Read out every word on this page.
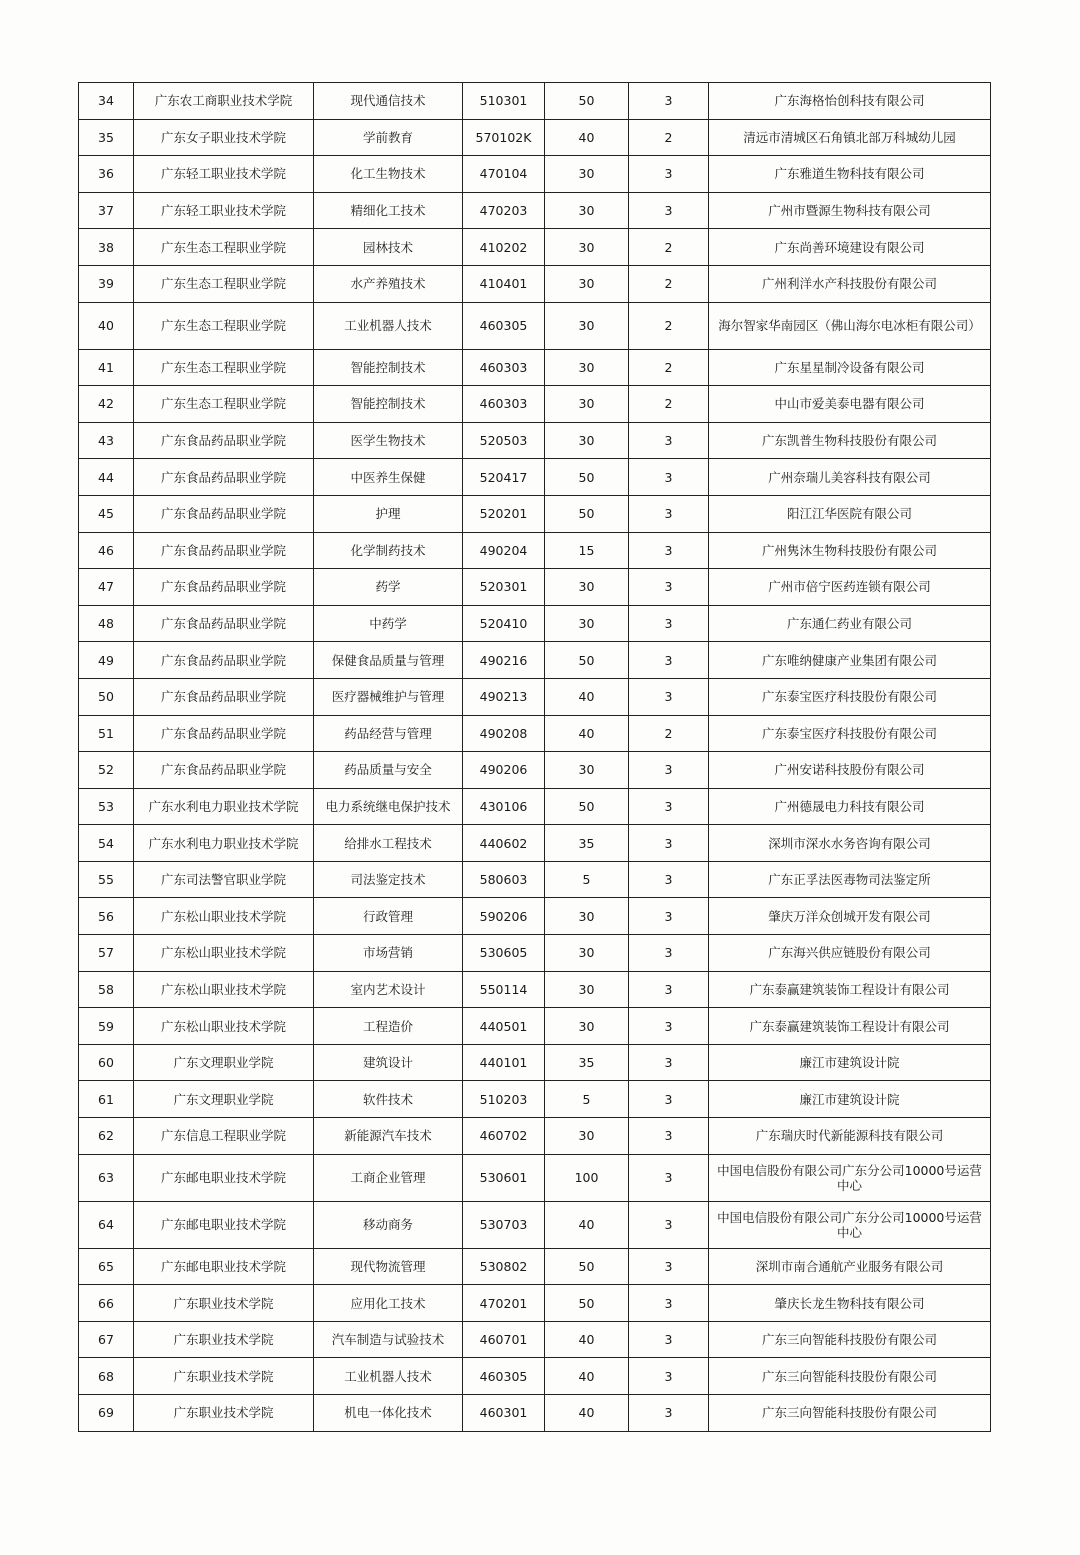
34	广东农工商职业技术学院	现代通信技术	510301	50	3	广东海格怡创科技有限公司
35	广东女子职业技术学院	学前教育	570102K	40	2	清远市清城区石角镇北部万科城幼儿园
36	广东轻工职业技术学院	化工生物技术	470104	30	3	广东雅道生物科技有限公司
37	广东轻工职业技术学院	精细化工技术	470203	30	3	广州市暨源生物科技有限公司
38	广东生态工程职业学院	园林技术	410202	30	2	广东尚善环境建设有限公司
39	广东生态工程职业学院	水产养殖技术	410401	30	2	广州利洋水产科技股份有限公司
40	广东生态工程职业学院	工业机器人技术	460305	30	2	海尔智家华南园区（佛山海尔电冰柜有限公司）
41	广东生态工程职业学院	智能控制技术	460303	30	2	广东星星制冷设备有限公司
42	广东生态工程职业学院	智能控制技术	460303	30	2	中山市爱美泰电器有限公司
43	广东食品药品职业学院	医学生物技术	520503	30	3	广东凯普生物科技股份有限公司
44	广东食品药品职业学院	中医养生保健	520417	50	3	广州奈瑞儿美容科技有限公司
45	广东食品药品职业学院	护理	520201	50	3	阳江江华医院有限公司
46	广东食品药品职业学院	化学制药技术	490204	15	3	广州隽沐生物科技股份有限公司
47	广东食品药品职业学院	药学	520301	30	3	广州市倍宁医药连锁有限公司
48	广东食品药品职业学院	中药学	520410	30	3	广东通仁药业有限公司
49	广东食品药品职业学院	保健食品质量与管理	490216	50	3	广东唯纳健康产业集团有限公司
50	广东食品药品职业学院	医疗器械维护与管理	490213	40	3	广东泰宝医疗科技股份有限公司
51	广东食品药品职业学院	药品经营与管理	490208	40	2	广东泰宝医疗科技股份有限公司
52	广东食品药品职业学院	药品质量与安全	490206	30	3	广州安诺科技股份有限公司
53	广东水利电力职业技术学院	电力系统继电保护技术	430106	50	3	广州德晟电力科技有限公司
54	广东水利电力职业技术学院	给排水工程技术	440602	35	3	深圳市深水水务咨询有限公司
55	广东司法警官职业学院	司法鉴定技术	580603	5	3	广东正孚法医毒物司法鉴定所
56	广东松山职业技术学院	行政管理	590206	30	3	肇庆万洋众创城开发有限公司
57	广东松山职业技术学院	市场营销	530605	30	3	广东海兴供应链股份有限公司
58	广东松山职业技术学院	室内艺术设计	550114	30	3	广东泰赢建筑装饰工程设计有限公司
59	广东松山职业技术学院	工程造价	440501	30	3	广东泰赢建筑装饰工程设计有限公司
60	广东文理职业学院	建筑设计	440101	35	3	廉江市建筑设计院
61	广东文理职业学院	软件技术	510203	5	3	廉江市建筑设计院
62	广东信息工程职业学院	新能源汽车技术	460702	30	3	广东瑞庆时代新能源科技有限公司
63	广东邮电职业技术学院	工商企业管理	530601	100	3	中国电信股份有限公司广东分公司10000号运营中心
64	广东邮电职业技术学院	移动商务	530703	40	3	中国电信股份有限公司广东分公司10000号运营中心
65	广东邮电职业技术学院	现代物流管理	530802	50	3	深圳市南合通航产业服务有限公司
66	广东职业技术学院	应用化工技术	470201	50	3	肇庆长龙生物科技有限公司
67	广东职业技术学院	汽车制造与试验技术	460701	40	3	广东三向智能科技股份有限公司
68	广东职业技术学院	工业机器人技术	460305	40	3	广东三向智能科技股份有限公司
69	广东职业技术学院	机电一体化技术	460301	40	3	广东三向智能科技股份有限公司
